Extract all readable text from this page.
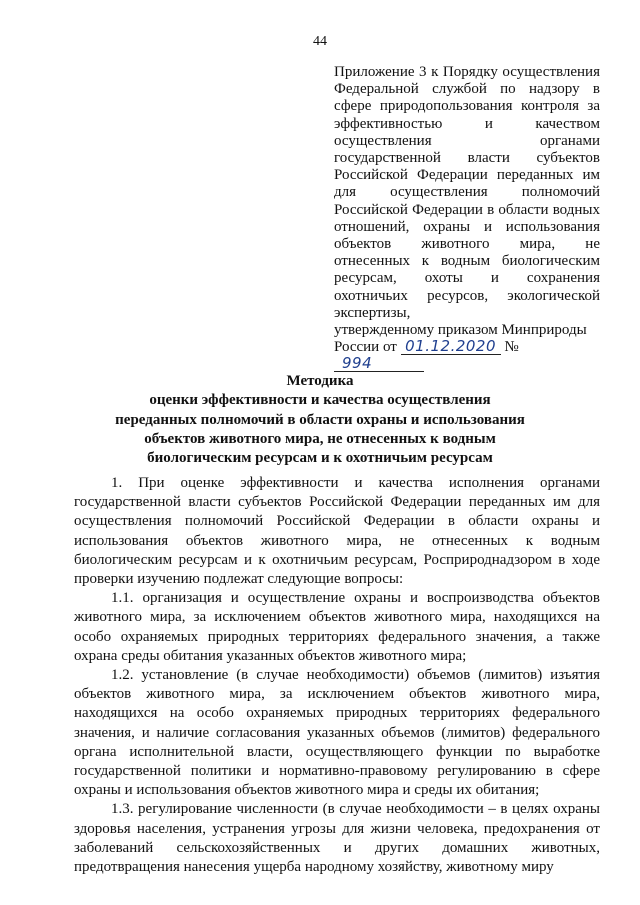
44
Приложение 3 к Порядку осуществления Федеральной службой по надзору в сфере природопользования контроля за эффективностью и качеством осуществления органами государственной власти субъектов Российской Федерации переданных им для осуществления полномочий Российской Федерации в области водных отношений, охраны и использования объектов животного мира, не отнесенных к водным биологическим ресурсам, охоты и сохранения охотничьих ресурсов, экологической экспертизы,
утвержденному приказом Минприроды
России от 01.12.2020 № 994
Методика
оценки эффективности и качества осуществления
переданных полномочий в области охраны и использования
объектов животного мира, не отнесенных к водным
биологическим ресурсам и к охотничьим ресурсам

1. При оценке эффективности и качества исполнения органами государственной власти субъектов Российской Федерации переданных им для осуществления полномочий Российской Федерации в области охраны и использования объектов животного мира, не отнесенных к водным биологическим ресурсам и к охотничьим ресурсам, Росприроднадзором в ходе проверки изучению подлежат следующие вопросы:

1.1. организация и осуществление охраны и воспроизводства объектов животного мира, за исключением объектов животного мира, находящихся на особо охраняемых природных территориях федерального значения, а также охрана среды обитания указанных объектов животного мира;

1.2. установление (в случае необходимости) объемов (лимитов) изъятия объектов животного мира, за исключением объектов животного мира, находящихся на особо охраняемых природных территориях федерального значения, и наличие согласования указанных объемов (лимитов) федерального органа исполнительной власти, осуществляющего функции по выработке государственной политики и нормативно-правовому регулированию в сфере охраны и использования объектов животного мира и среды их обитания;

1.3. регулирование численности (в случае необходимости – в целях охраны здоровья населения, устранения угрозы для жизни человека, предохранения от заболеваний сельскохозяйственных и других домашних животных, предотвращения нанесения ущерба народному хозяйству, животному миру
